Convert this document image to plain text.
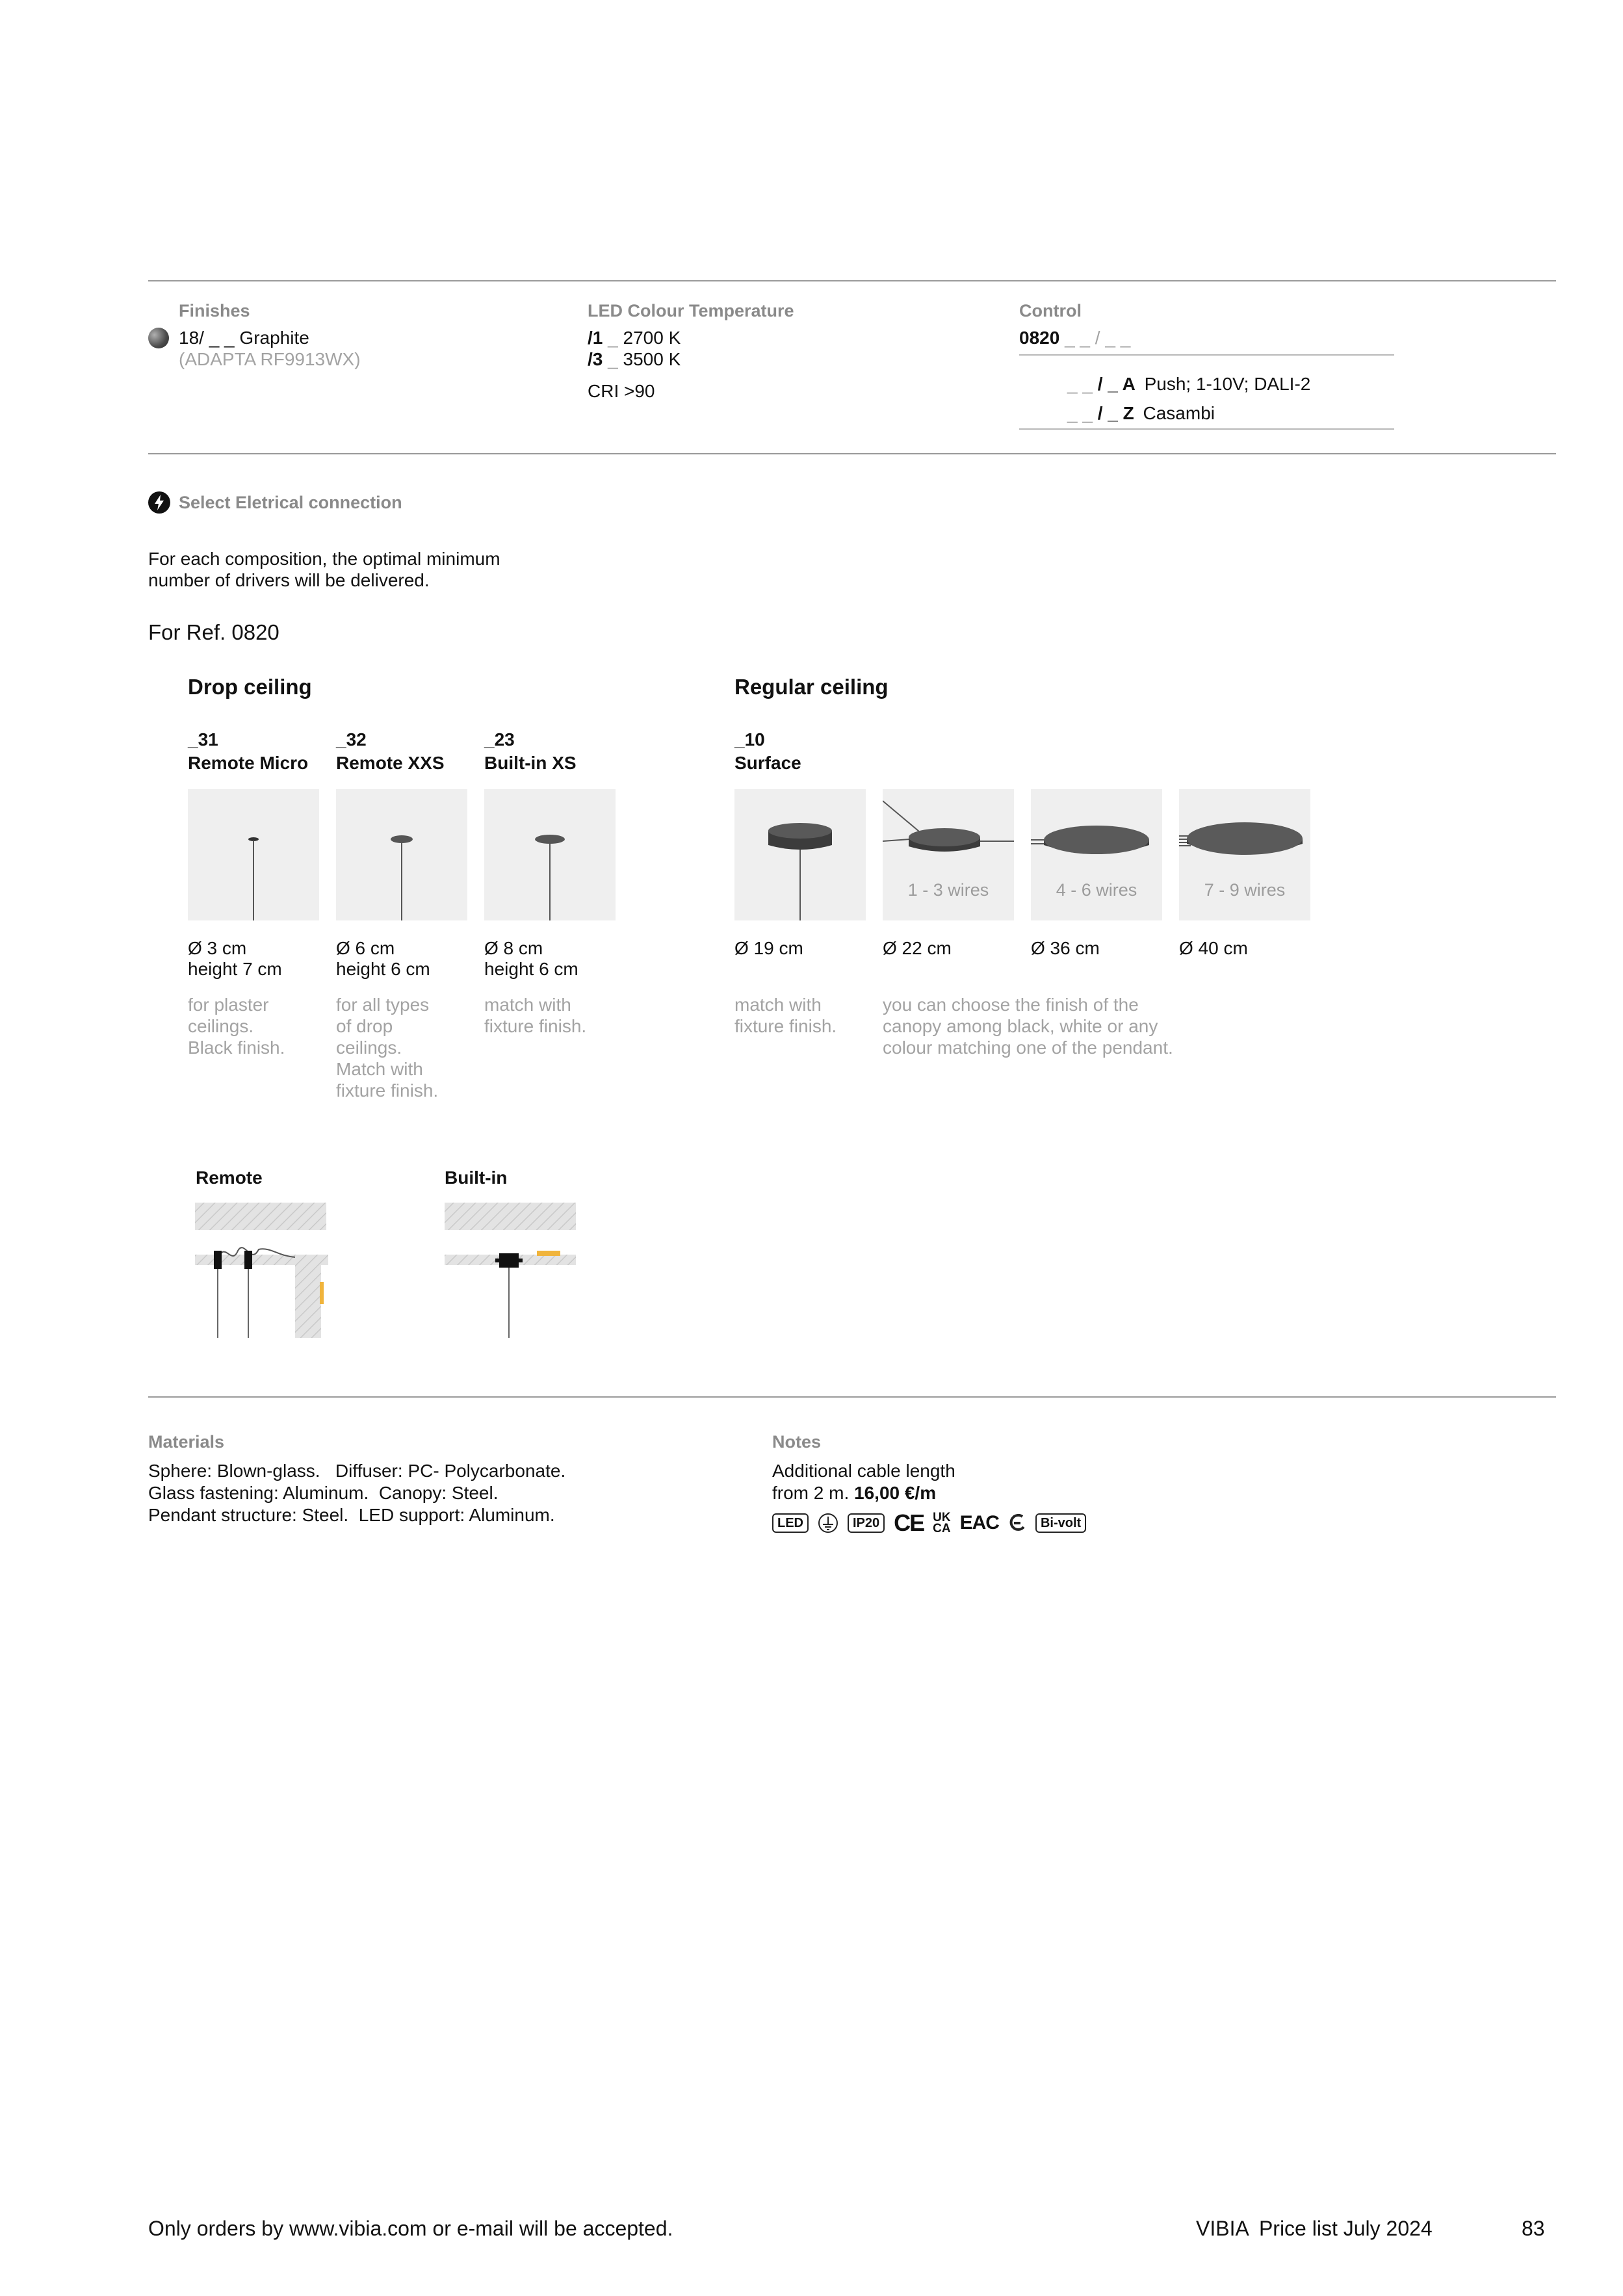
Finishes
18/ _ _ Graphite
(ADAPTA RF9913WX)
LED Colour Temperature
/1 _ 2700 K
/3 _ 3500 K
CRI >90
Control
0820 _ _ / _ _
_ _ / _ A Push; 1-10V; DALI-2
_ _ / _ Z Casambi
Select Eletrical connection
For each composition, the optimal minimum
number of drivers will be delivered.
For Ref. 0820
Drop ceiling
_31
Remote Micro
Ø 3 cm
height 7 cm
for plaster
ceilings.
Black finish.
_32
Remote XXS
Ø 6 cm
height 6 cm
for all types
of drop
ceilings.
Match with
fixture finish.
_23
Built-in XS
Ø 8 cm
height 6 cm
match with
fixture finish.
Regular ceiling
_10
Surface
1 - 3 wires	4 - 6 wires	7 - 9 wires
Ø 19 cm	Ø 22 cm	Ø 36 cm	Ø 40 cm
match with
fixture finish.
you can choose the finish of the
canopy among black, white or any
colour matching one of the pendant.
Remote	Built-in
Materials
Sphere: Blown-glass.   Diffuser: PC- Polycarbonate.
Glass fastening: Aluminum.  Canopy: Steel.
Pendant structure: Steel.  LED support: Aluminum.
Notes
Additional cable length
from 2 m. 16,00 €/m
LED	IP20 CE UK
CA EAC	Bi-volt
Only orders by www.vibia.com or e-mail will be accepted.	VIBIA Price list July 2024	83
